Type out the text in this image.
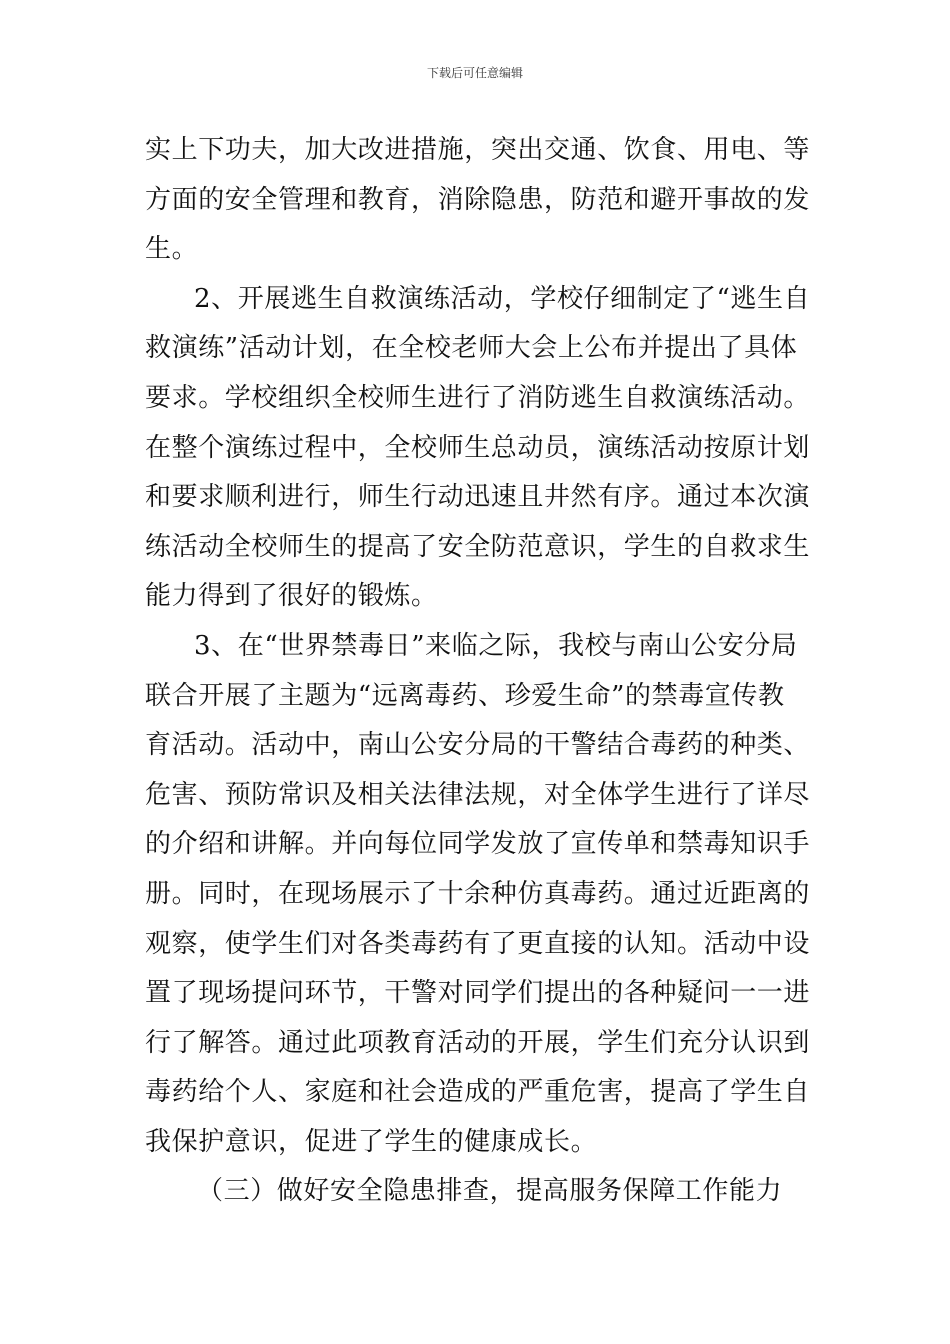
下载后可任意编辑
实上下功夫，加大改进措施，突出交通、饮食、用电、等
方面的安全管理和教育，消除隐患，防范和避开事故的发
生。
2、开展逃生自救演练活动，学校仔细制定了“逃生自
救演练”活动计划，在全校老师大会上公布并提出了具体
要求。学校组织全校师生进行了消防逃生自救演练活动。
在整个演练过程中，全校师生总动员，演练活动按原计划
和要求顺利进行，师生行动迅速且井然有序。通过本次演
练活动全校师生的提高了安全防范意识，学生的自救求生
能力得到了很好的锻炼。
3、在“世界禁毒日”来临之际，我校与南山公安分局
联合开展了主题为“远离毒药、珍爱生命”的禁毒宣传教
育活动。活动中，南山公安分局的干警结合毒药的种类、
危害、预防常识及相关法律法规，对全体学生进行了详尽
的介绍和讲解。并向每位同学发放了宣传单和禁毒知识手
册。同时，在现场展示了十余种仿真毒药。通过近距离的
观察，使学生们对各类毒药有了更直接的认知。活动中设
置了现场提问环节，干警对同学们提出的各种疑问一一进
行了解答。通过此项教育活动的开展，学生们充分认识到
毒药给个人、家庭和社会造成的严重危害，提高了学生自
我保护意识，促进了学生的健康成长。
（三）做好安全隐患排查，提高服务保障工作能力
